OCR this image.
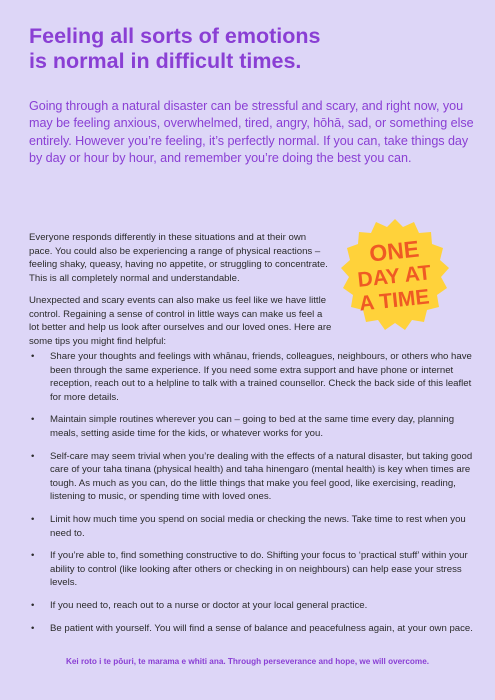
Feeling all sorts of emotions
is normal in difficult times.

Going through a natural disaster can be stressful and scary, and right now, you may be feeling anxious, overwhelmed, tired, angry, hōhā, sad, or something else entirely. However you’re feeling, it’s perfectly normal. If you can, take things day by day or hour by hour, and remember you’re doing the best you can.

Everyone responds differently in these situations and at their own pace. You could also be experiencing a range of physical reactions – feeling shaky, queasy, having no appetite, or struggling to concentrate. This is all completely normal and understandable.

Unexpected and scary events can also make us feel like we have little control. Regaining a sense of control in little ways can make us feel a lot better and help us look after ourselves and our loved ones. Here are some tips you might find helpful:

ONE
DAY AT
A TIME
• Share your thoughts and feelings with whānau, friends, colleagues, neighbours, or others who have been through the same experience. If you need some extra support and have phone or internet reception, reach out to a helpline to talk with a trained counsellor. Check the back side of this leaflet for more details.
• Maintain simple routines wherever you can – going to bed at the same time every day, planning meals, setting aside time for the kids, or whatever works for you.
• Self-care may seem trivial when you’re dealing with the effects of a natural disaster, but taking good care of your taha tinana (physical health) and taha hinengaro (mental health) is key when times are tough. As much as you can, do the little things that make you feel good, like exercising, reading, listening to music, or spending time with loved ones.
• Limit how much time you spend on social media or checking the news. Take time to rest when you need to.
• If you’re able to, find something constructive to do. Shifting your focus to ‘practical stuff’ within your ability to control (like looking after others or checking in on neighbours) can help ease your stress levels.
• If you need to, reach out to a nurse or doctor at your local general practice.
• Be patient with yourself. You will find a sense of balance and peacefulness again, at your own pace.

Kei roto i te pōuri, te marama e whiti ana. Through perseverance and hope, we will overcome.
